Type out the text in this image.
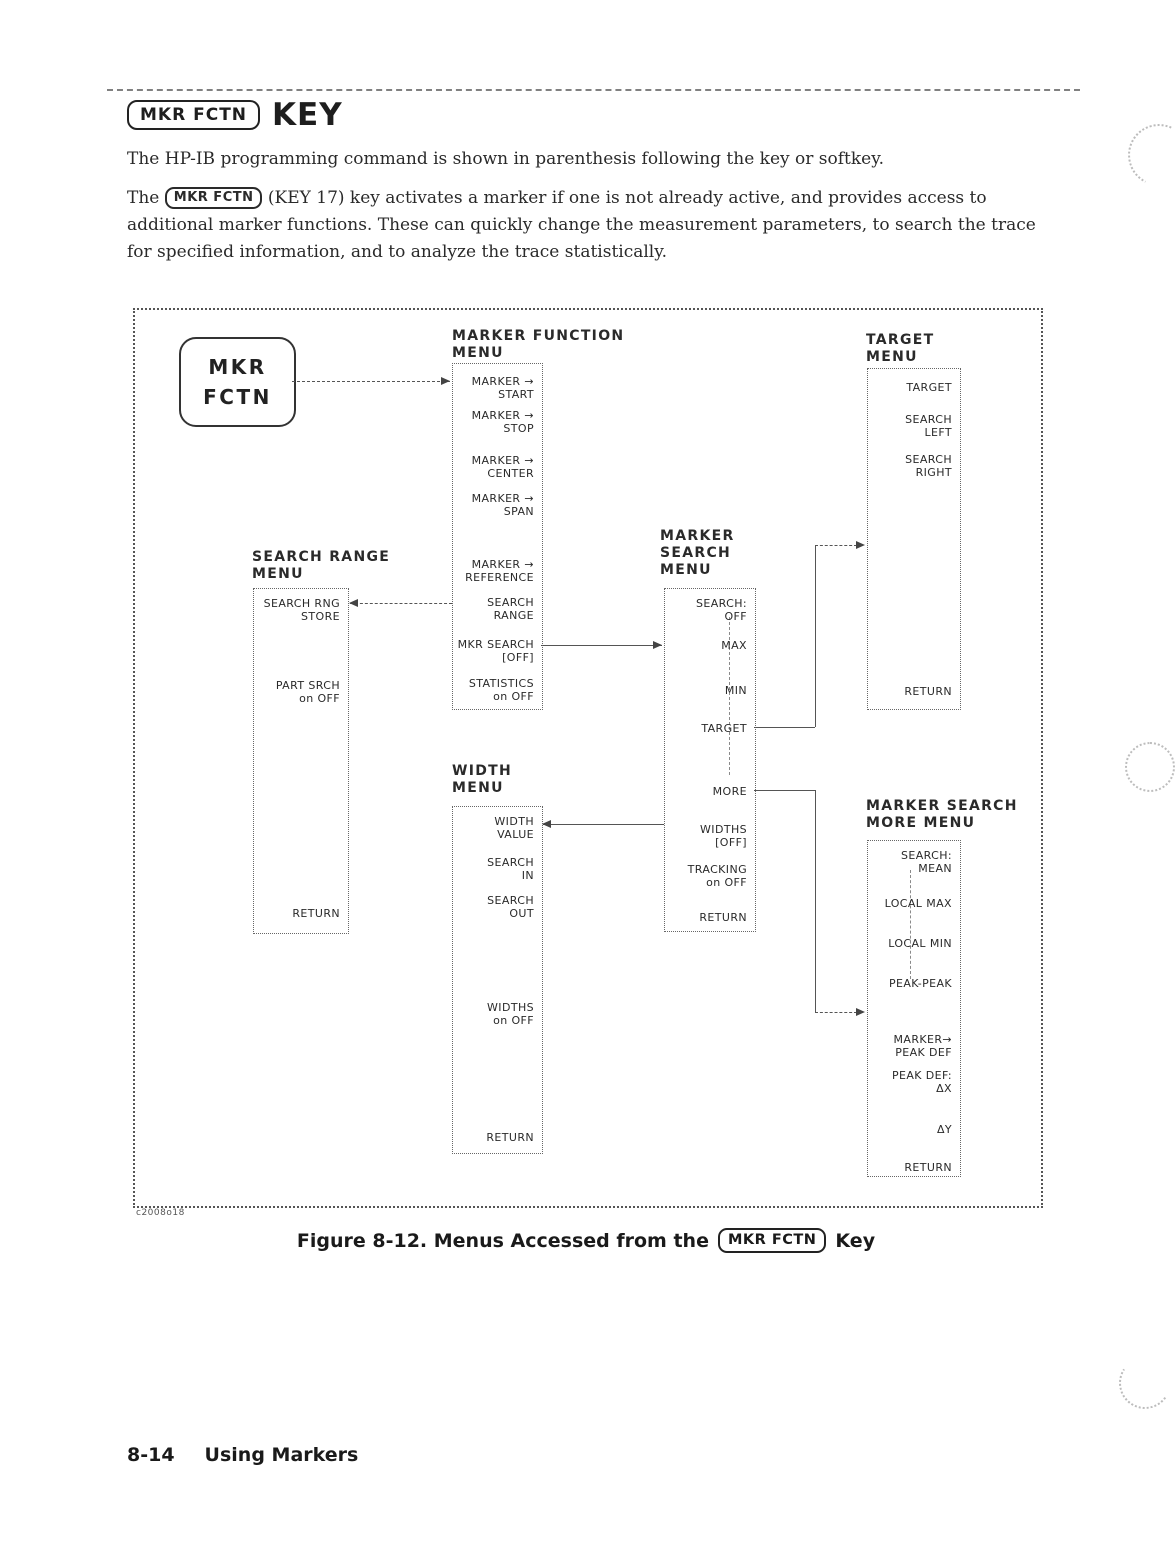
MKR FCTN KEY
The HP-IB programming command is shown in parenthesis following the key or softkey.
The MKR FCTN (KEY 17) key activates a marker if one is not already active, and provides access to additional marker functions. These can quickly change the measurement parameters, to search the trace for specified information, and to analyze the trace statistically.
c2008o18
MKR
FCTN
MARKER FUNCTION
MENU
MARKER →
START
MARKER →
STOP
MARKER →
CENTER
MARKER →
SPAN
MARKER →
REFERENCE
SEARCH
RANGE
MKR SEARCH
[OFF]
STATISTICS
on OFF
TARGET
MENU
TARGET
SEARCH
LEFT
SEARCH
RIGHT
RETURN
SEARCH RANGE
MENU
SEARCH RNG
STORE
PART SRCH
on OFF
RETURN
MARKER
SEARCH
MENU
SEARCH:
OFF
MAX
MIN
TARGET
MORE
WIDTHS
[OFF]
TRACKING
on OFF
RETURN
WIDTH
MENU
WIDTH
VALUE
SEARCH
IN
SEARCH
OUT
WIDTHS
on OFF
RETURN
MARKER SEARCH
MORE MENU
SEARCH:
MEAN
LOCAL MAX
LOCAL MIN
PEAK-PEAK
MARKER→
PEAK DEF
PEAK DEF:
ΔX
ΔY
RETURN
Figure 8-12. Menus Accessed from the	MKR FCTN	Key
8-14 Using Markers
